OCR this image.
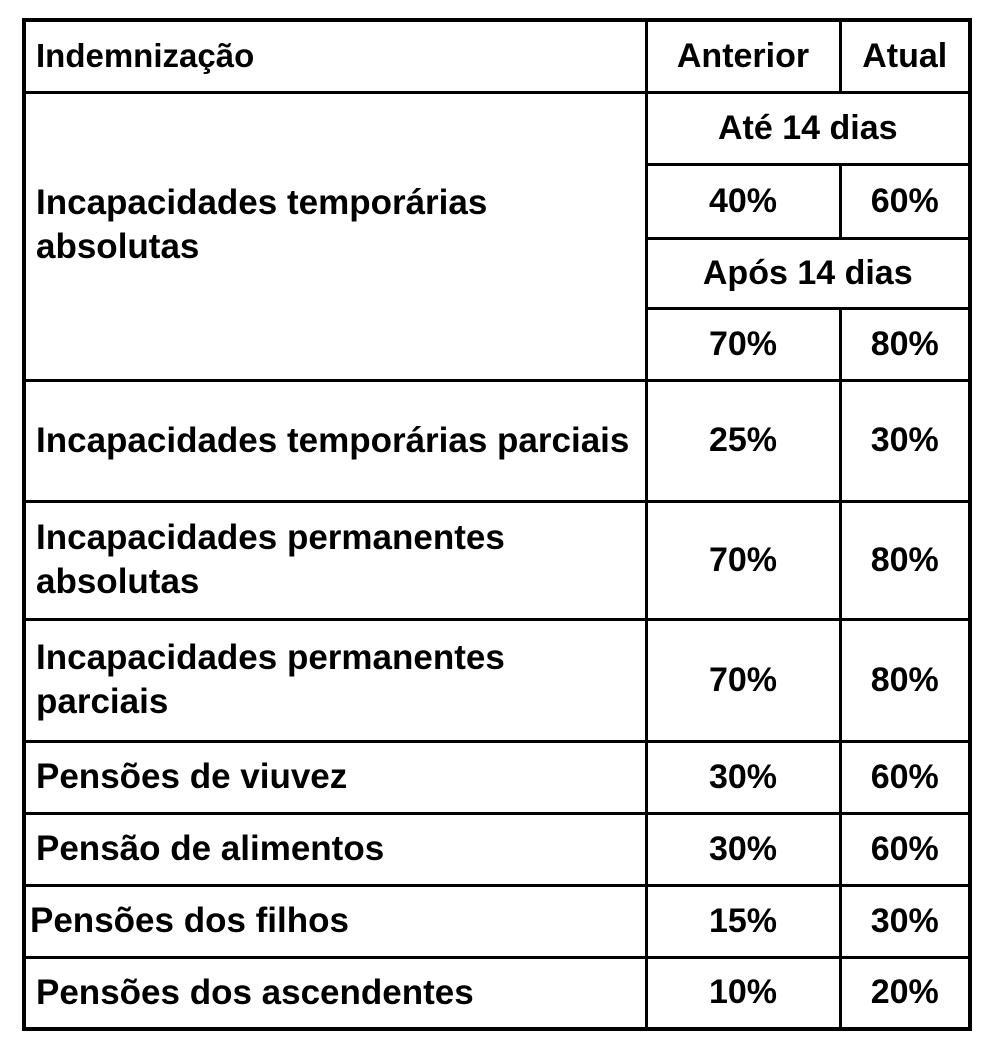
Indemnização	Anterior	Atual
Incapacidades temporárias absolutas	Até 14 dias	
	40%	60%
	Após 14 dias	
	70%	80%
Incapacidades temporárias parciais	25%	30%
Incapacidades permanentes absolutas	70%	80%
Incapacidades permanentes parciais	70%	80%
Pensões de viuvez	30%	60%
Pensão de alimentos	30%	60%
Pensões dos filhos	15%	30%
Pensões dos ascendentes	10%	20%
